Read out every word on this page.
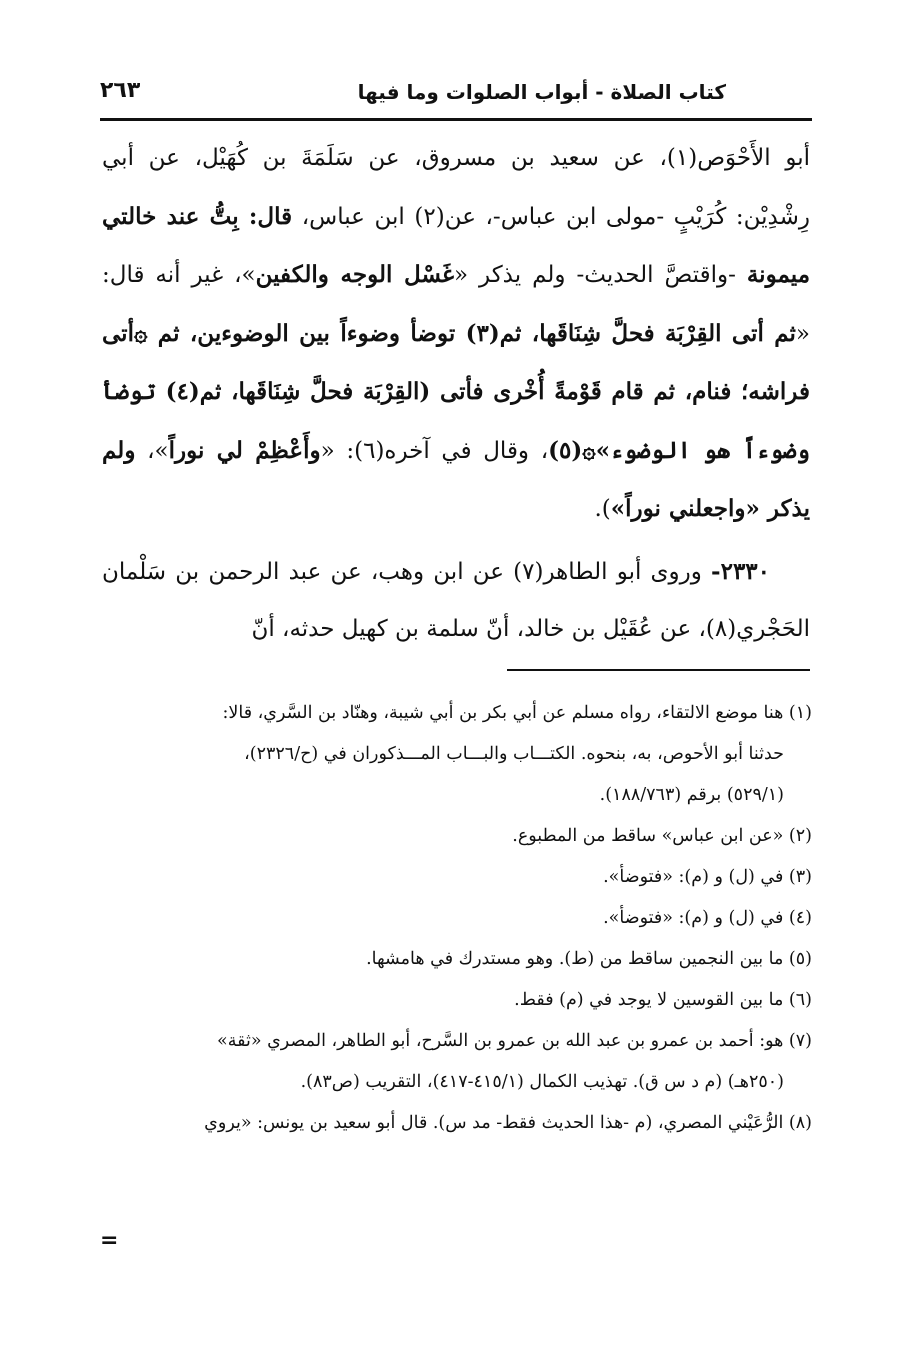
كتاب الصلاة - أبواب الصلوات وما فيها
٢٦٣

أبو الأَحْوَص(١)، عن سعيد بن مسروق، عن سَلَمَةَ بن كُهَيْل، عن أبي رِشْدِيْن: كُرَيْبٍ -مولى ابن عباس-، عن(٢) ابن عباس، قال: بِتُّ عند خالتي ميمونة -واقتصَّ الحديث- ولم يذكر «غَسْل الوجه والكفين»، غير أنه قال: «ثم أتى القِرْبَة فحلَّ شِنَاقَها، ثم(٣) توضأ وضوءاً بين الوضوءين، ثم ۞أتى فراشه؛ فنام، ثم قام قَوْمةً أُخْرى فأتى (القِرْبَة فحلَّ شِنَاقَها، ثم(٤) توضأ وضوءاً هو الوضوء»۞(٥)، وقال في آخره(٦): «وأَعْظِمْ لي نوراً»، ولم يذكر «واجعلني نوراً»).

٢٣٣٠- وروى أبو الطاهر(٧) عن ابن وهب، عن عبد الرحمن بن سَلْمان الحَجْري(٨)، عن عُقَيْل بن خالد، أنّ سلمة بن كهيل حدثه، أنّ

(١) هنا موضع الالتقاء، رواه مسلم عن أبي بكر بن أبي شيبة، وهنّاد بن السَّري، قالا:

حدثنا أبو الأحوص، به، بنحوه. الكتـــاب والبـــاب المـــذكوران في (ح/٢٣٢٦)،

(٥٢٩/١) برقم (١٨٨/٧٦٣).

(٢) «عن ابن عباس» ساقط من المطبوع.

(٣) في (ل) و (م): «فتوضأ».

(٤) في (ل) و (م): «فتوضأ».

(٥) ما بين النجمين ساقط من (ط). وهو مستدرك في هامشها.

(٦) ما بين القوسين لا يوجد في (م) فقط.

(٧) هو: أحمد بن عمرو بن عبد الله بن عمرو بن السَّرح، أبو الطاهر، المصري «ثقة»

(٢٥٠هـ) (م د س ق). تهذيب الكمال (٤١٥/١-٤١٧)، التقريب (ص٨٣).

(٨) الرُّعَيْني المصري، (م -هذا الحديث فقط- مد س). قال أبو سعيد بن يونس: «يروي

=
